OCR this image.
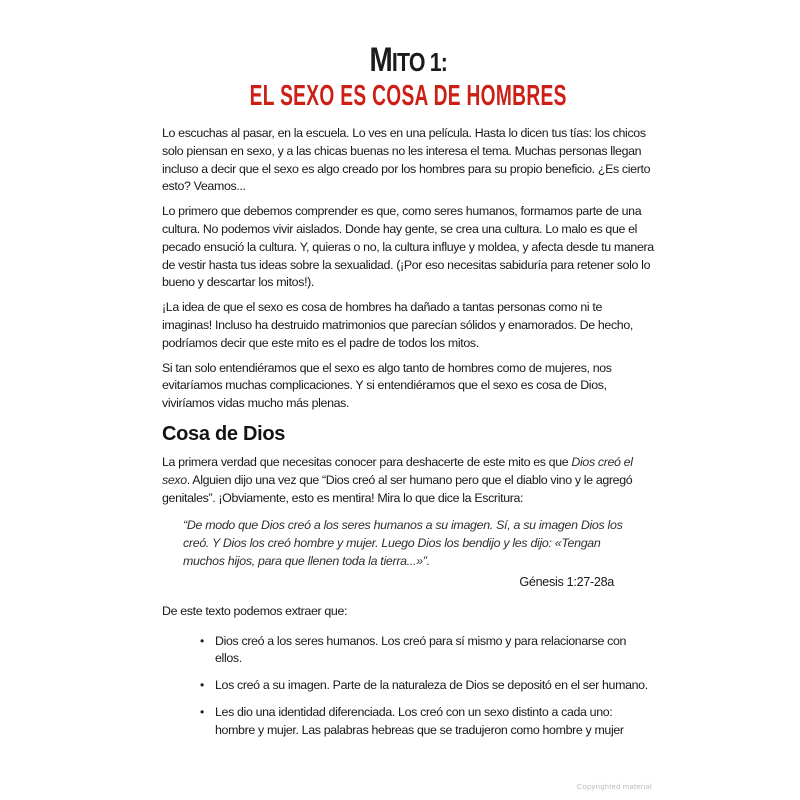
MITO 1:
EL SEXO ES COSA DE HOMBRES

Lo escuchas al pasar, en la escuela. Lo ves en una película. Hasta lo dicen tus tías: los chicos solo piensan en sexo, y a las chicas buenas no les interesa el tema. Muchas personas llegan incluso a decir que el sexo es algo creado por los hombres para su propio beneficio. ¿Es cierto esto? Veamos...

Lo primero que debemos comprender es que, como seres humanos, formamos parte de una cultura. No podemos vivir aislados. Donde hay gente, se crea una cultura. Lo malo es que el pecado ensució la cultura. Y, quieras o no, la cultura influye y moldea, y afecta desde tu manera de vestir hasta tus ideas sobre la sexualidad. (¡Por eso necesitas sabiduría para retener solo lo bueno y descartar los mitos!).

¡La idea de que el sexo es cosa de hombres ha dañado a tantas personas como ni te imaginas! Incluso ha destruido matrimonios que parecían sólidos y enamorados. De hecho, podríamos decir que este mito es el padre de todos los mitos.

Si tan solo entendiéramos que el sexo es algo tanto de hombres como de mujeres, nos evitaríamos muchas complicaciones. Y si entendiéramos que el sexo es cosa de Dios, viviríamos vidas mucho más plenas.

Cosa de Dios

La primera verdad que necesitas conocer para deshacerte de este mito es que Dios creó el sexo. Alguien dijo una vez que “Dios creó al ser humano pero que el diablo vino y le agregó genitales”. ¡Obviamente, esto es mentira! Mira lo que dice la Escritura:

“De modo que Dios creó a los seres humanos a su imagen. Sí, a su imagen Dios los creó. Y Dios los creó hombre y mujer. Luego Dios los bendijo y les dijo: «Tengan muchos hijos, para que llenen toda la tierra...»”.
Génesis 1:27-28a

De este texto podemos extraer que:

• Dios creó a los seres humanos. Los creó para sí mismo y para relacionarse con ellos.
• Los creó a su imagen. Parte de la naturaleza de Dios se depositó en el ser humano.
• Les dio una identidad diferenciada. Los creó con un sexo distinto a cada uno: hombre y mujer. Las palabras hebreas que se tradujeron como hombre y mujer
Copyrighted material
